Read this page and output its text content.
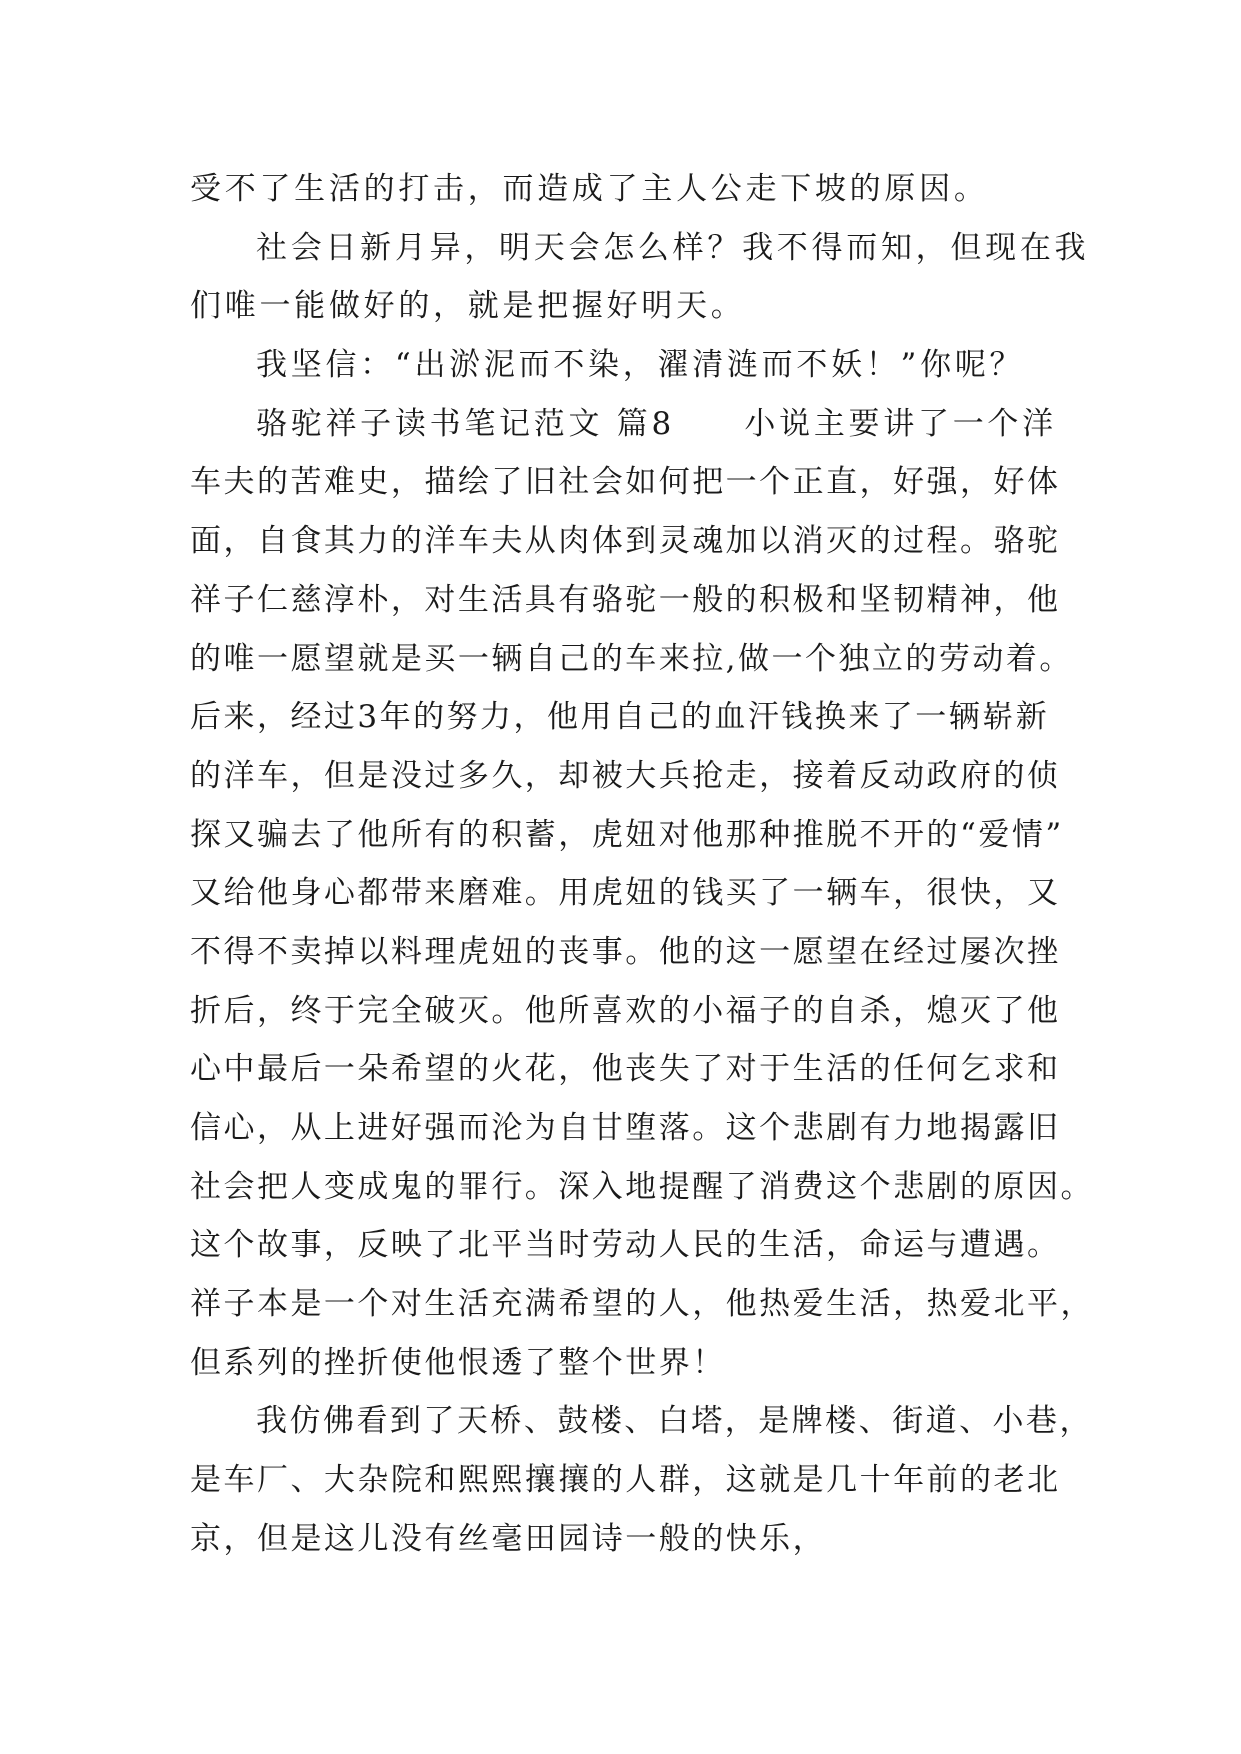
受不了生活的打击，而造成了主人公走下坡的原因。
社会日新月异，明天会怎么样？我不得而知，但现在我
们唯一能做好的，就是把握好明天。
我坚信：“出淤泥而不染，濯清涟而不妖！”你呢？
骆驼祥子读书笔记范文 篇8　　小说主要讲了一个洋
车夫的苦难史，描绘了旧社会如何把一个正直，好强，好体
面，自食其力的洋车夫从肉体到灵魂加以消灭的过程。骆驼
祥子仁慈淳朴，对生活具有骆驼一般的积极和坚韧精神，他
的唯一愿望就是买一辆自己的车来拉,做一个独立的劳动着。
后来，经过3年的努力，他用自己的血汗钱换来了一辆崭新
的洋车，但是没过多久，却被大兵抢走，接着反动政府的侦
探又骗去了他所有的积蓄，虎妞对他那种推脱不开的“爱情”
又给他身心都带来磨难。用虎妞的钱买了一辆车，很快，又
不得不卖掉以料理虎妞的丧事。他的这一愿望在经过屡次挫
折后，终于完全破灭。他所喜欢的小福子的自杀，熄灭了他
心中最后一朵希望的火花，他丧失了对于生活的任何乞求和
信心，从上进好强而沦为自甘堕落。这个悲剧有力地揭露旧
社会把人变成鬼的罪行。深入地提醒了消费这个悲剧的原因。
这个故事，反映了北平当时劳动人民的生活，命运与遭遇。
祥子本是一个对生活充满希望的人，他热爱生活，热爱北平，
但系列的挫折使他恨透了整个世界！
我仿佛看到了天桥、鼓楼、白塔，是牌楼、街道、小巷，
是车厂、大杂院和熙熙攘攘的人群，这就是几十年前的老北
京，但是这儿没有丝毫田园诗一般的快乐，
